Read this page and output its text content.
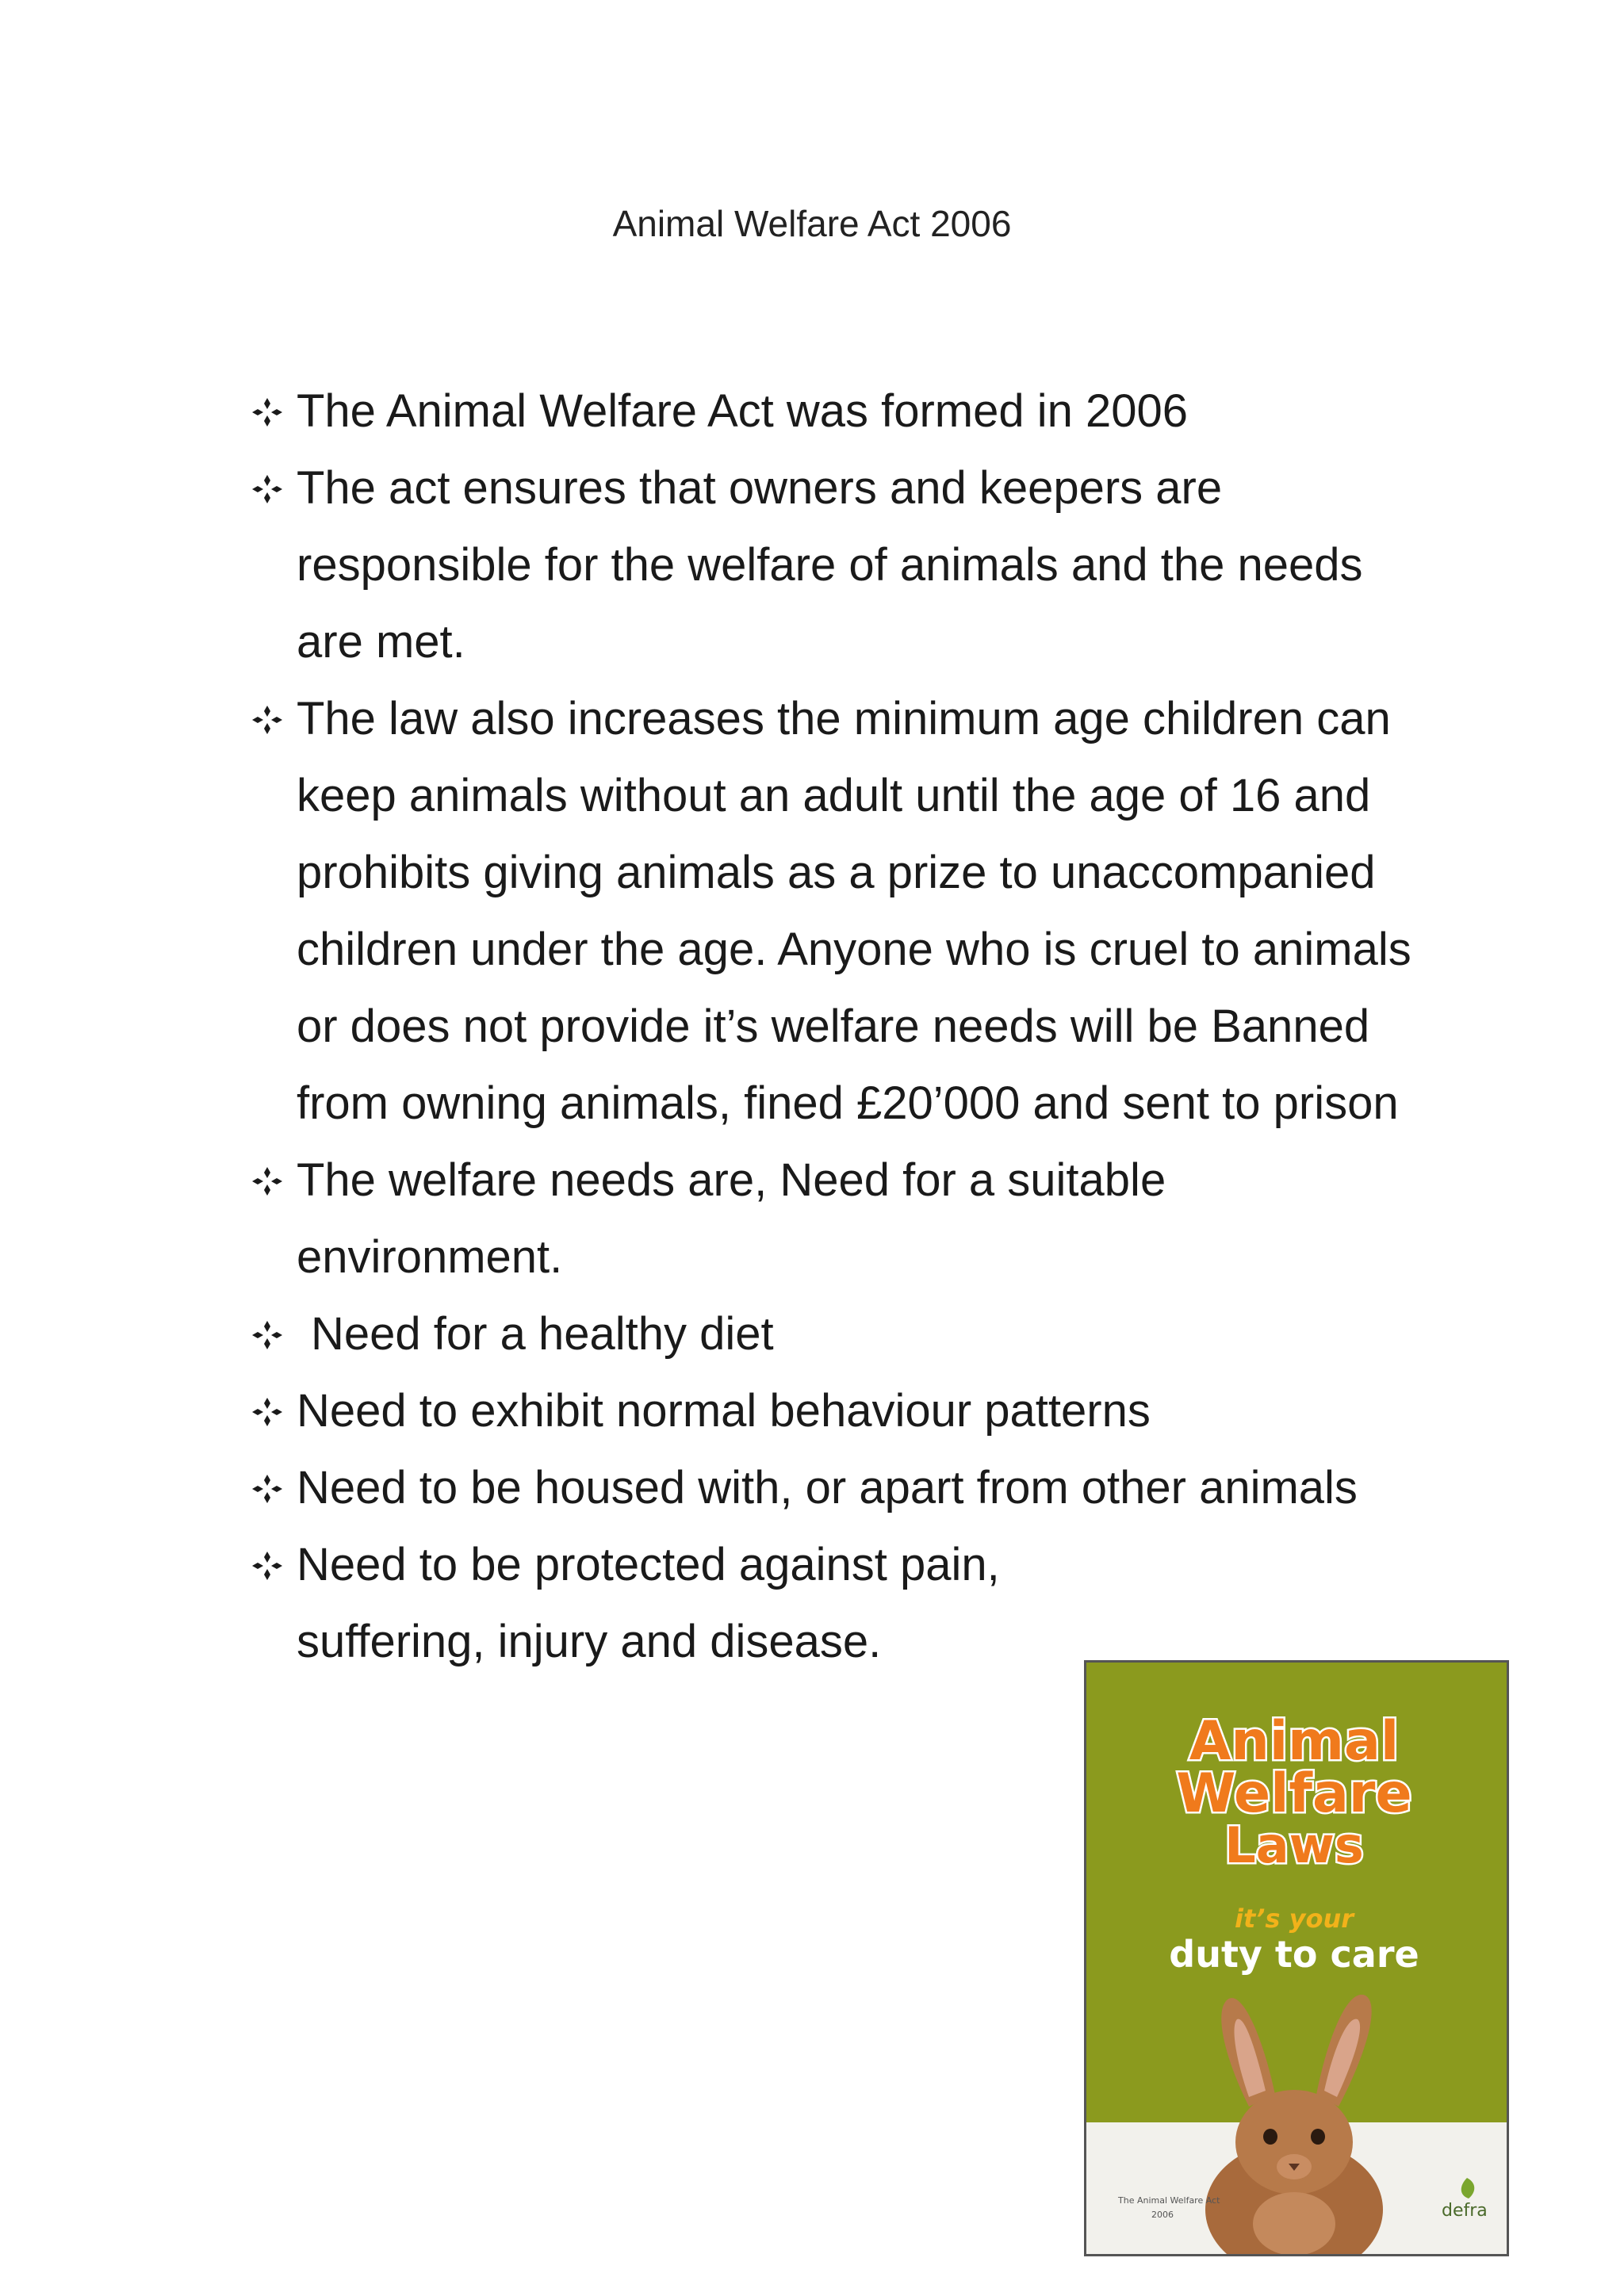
Animal Welfare Act 2006
The Animal Welfare Act was formed in 2006
The act ensures that owners and keepers are responsible for the welfare of animals and the needs are met.
The law also increases the minimum age children can keep animals without an adult until the age of 16 and prohibits giving animals as a prize to unaccompanied children under the age. Anyone who is cruel to animals or does not provide it’s welfare needs will be Banned from owning animals, fined £20’000 and sent to prison
The welfare needs are, Need for a suitable environment.
Need for a healthy diet
Need to exhibit normal behaviour patterns
Need to be housed with, or apart from other animals
Need to be protected against pain, suffering, injury and disease.
Animal
Welfare
Laws
it’s your
duty to care
The Animal Welfare Act
2006	defra
